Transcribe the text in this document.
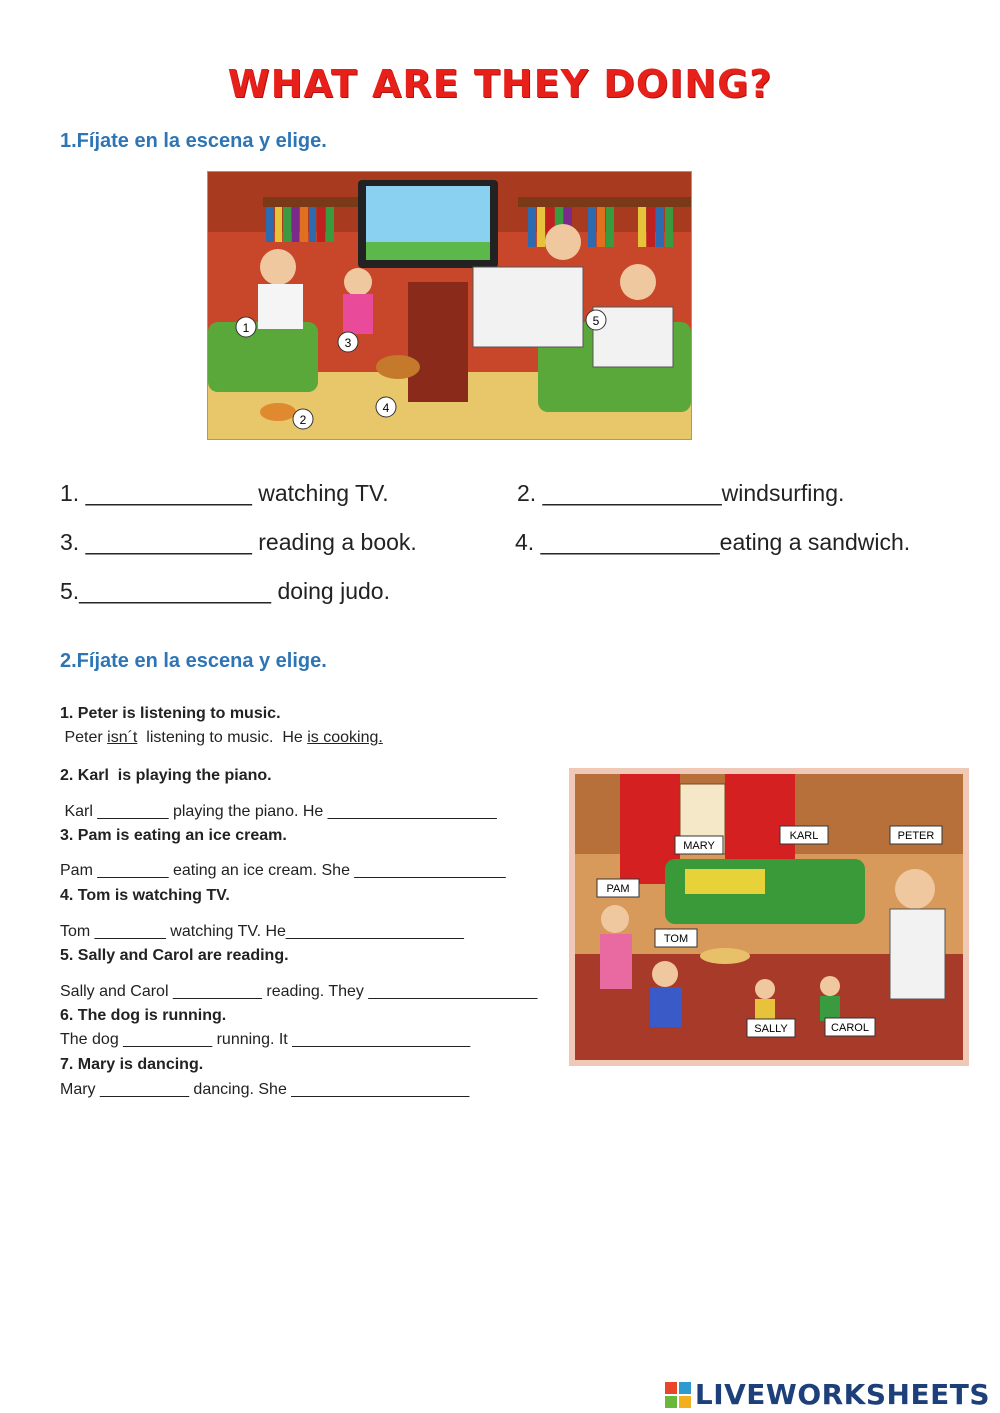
WHAT ARE THEY DOING?
1.Fíjate en la escena y elige.
1
2
3
4
5
1. _____________ watching TV.	2. ______________windsurfing.
3. _____________ reading a book.	4. ______________eating a sandwich.
5._______________ doing judo.
2.Fíjate en la escena y elige.
1. Peter is listening to music.
Peter isn´t  listening to music.  He is cooking.
2. Karl  is playing the piano.
Karl ________ playing the piano. He ___________________
3. Pam is eating an ice cream.
Pam ________ eating an ice cream. She _________________
4. Tom is watching TV.
Tom ________ watching TV. He____________________
5. Sally and Carol are reading.
Sally and Carol __________ reading. They ___________________
6. The dog is running.
The dog __________ running. It ____________________
7. Mary is dancing.
Mary __________ dancing. She ____________________
MARY
KARL	PETER
PAM
TOM
SALLY	CAROL
LIVEWORKSHEETS
